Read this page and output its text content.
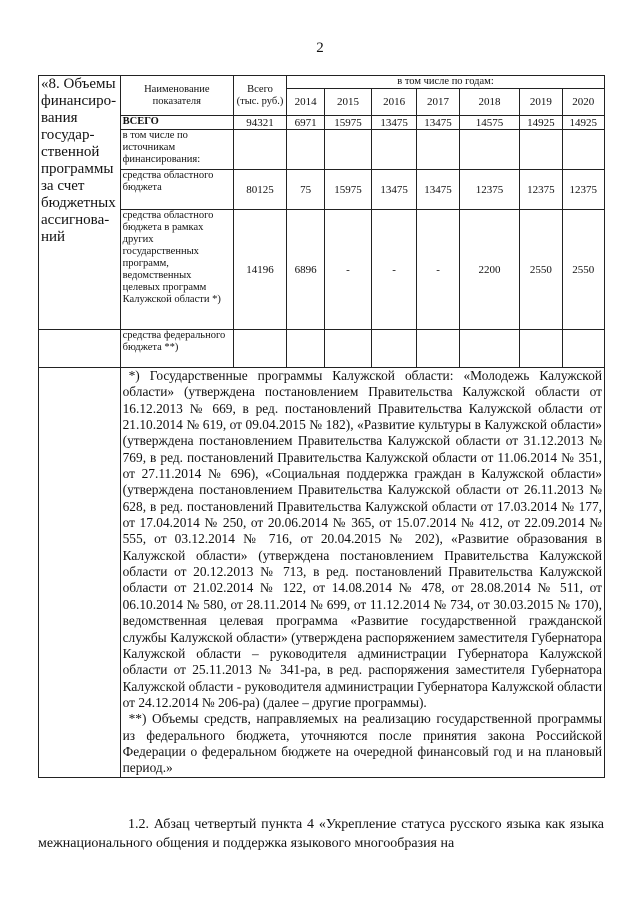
2
«8. Объемы финансирования государственной программы за счет бюджетных ассигнований	Наименование показателя	Всего (тыс. руб.)	в том числе по годам:						
			2014	2015	2016	2017	2018	2019	2020
	ВСЕГО	94321	6971	15975	13475	13475	14575	14925	14925
	в том числе по источникам финансирования:								
	средства областного бюджета	80125	75	15975	13475	13475	12375	12375	12375
	средства областного бюджета в рамках других государственных программ, ведомственных целевых программ Калужской области *)	14196	6896	-	-	-	2200	2550	2550
	средства федерального бюджета **)								

	*) Государственные программы Калужской области: «Молодежь Калужской области» (утверждена постановлением Правительства Калужской области от 16.12.2013 № 669, в ред. постановлений Правительства Калужской области от 21.10.2014 № 619, от 09.04.2015 № 182), «Развитие культуры в Калужской области» (утверждена постановлением Правительства Калужской области от 31.12.2013 № 769, в ред. постановлений Правительства Калужской области от 11.06.2014 № 351, от 27.11.2014 № 696), «Социальная поддержка граждан в Калужской области» (утверждена постановлением Правительства Калужской области от 26.11.2013 № 628, в ред. постановлений Правительства Калужской области от 17.03.2014 № 177, от 17.04.2014 № 250, от 20.06.2014 № 365, от 15.07.2014 № 412, от 22.09.2014 № 555, от 03.12.2014 № 716, от 20.04.2015 № 202), «Развитие образования в Калужской области» (утверждена постановлением Правительства Калужской области от 20.12.2013 № 713, в ред. постановлений Правительства Калужской области от 21.02.2014 № 122, от 14.08.2014 № 478, от 28.08.2014 № 511, от 06.10.2014 № 580, от 28.11.2014 № 699, от 11.12.2014 № 734, от 30.03.2015 № 170), ведомственная целевая программа «Развитие государственной гражданской службы Калужской области» (утверждена распоряжением заместителя Губернатора Калужской области – руководителя администрации Губернатора Калужской области от 25.11.2013 № 341-ра, в ред. распоряжения заместителя Губернатора Калужской области - руководителя администрации Губернатора Калужской области от 24.12.2014 № 206-ра) (далее – другие программы).

**) Объемы средств, направляемых на реализацию государственной программы из федерального бюджета, уточняются после принятия закона Российской Федерации о федеральном бюджете на очередной финансовый год и на плановый период.»								

1.2. Абзац четвертый пункта 4 «Укрепление статуса русского языка как языка межнационального общения и поддержка языкового многообразия на
